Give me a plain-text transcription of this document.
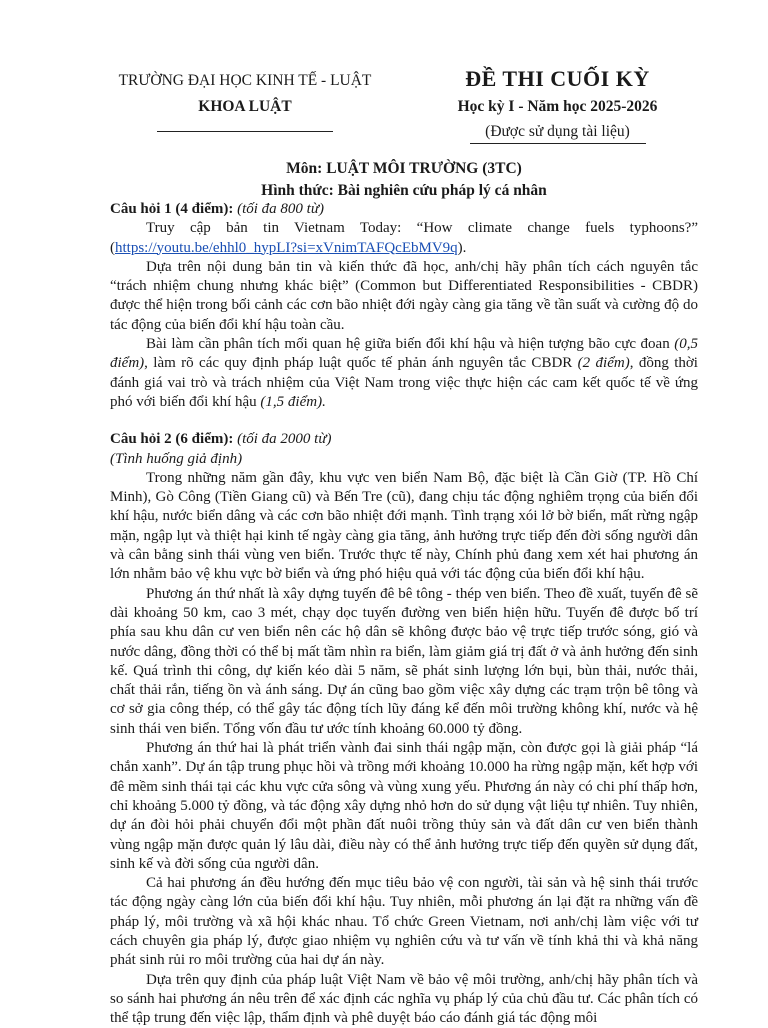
TRƯỜNG ĐẠI HỌC KINH TẾ - LUẬT
KHOA LUẬT
ĐỀ THI CUỐI KỲ
Học kỳ I - Năm học 2025-2026
(Được sử dụng tài liệu)
Môn: LUẬT MÔI TRƯỜNG (3TC)
Hình thức: Bài nghiên cứu pháp lý cá nhân

Câu hỏi 1 (4 điểm): (tối đa 800 từ)

Truy cập bản tin Vietnam Today: “How climate change fuels typhoons?” (https://youtu.be/ehhl0_hypLI?si=xVnimTAFQcEbMV9q).

Dựa trên nội dung bản tin và kiến thức đã học, anh/chị hãy phân tích cách nguyên tắc “trách nhiệm chung nhưng khác biệt” (Common but Differentiated Responsibilities - CBDR) được thể hiện trong bối cảnh các cơn bão nhiệt đới ngày càng gia tăng về tần suất và cường độ do tác động của biến đổi khí hậu toàn cầu.

Bài làm cần phân tích mối quan hệ giữa biến đổi khí hậu và hiện tượng bão cực đoan (0,5 điểm), làm rõ các quy định pháp luật quốc tế phản ánh nguyên tắc CBDR (2 điểm), đồng thời đánh giá vai trò và trách nhiệm của Việt Nam trong việc thực hiện các cam kết quốc tế về ứng phó với biến đổi khí hậu (1,5 điểm).

Câu hỏi 2 (6 điểm): (tối đa 2000 từ)

(Tình huống giả định)

Trong những năm gần đây, khu vực ven biển Nam Bộ, đặc biệt là Cần Giờ (TP. Hồ Chí Minh), Gò Công (Tiền Giang cũ) và Bến Tre (cũ), đang chịu tác động nghiêm trọng của biến đổi khí hậu, nước biển dâng và các cơn bão nhiệt đới mạnh. Tình trạng xói lở bờ biển, mất rừng ngập mặn, ngập lụt và thiệt hại kinh tế ngày càng gia tăng, ảnh hưởng trực tiếp đến đời sống người dân và cân bằng sinh thái vùng ven biển. Trước thực tế này, Chính phủ đang xem xét hai phương án lớn nhằm bảo vệ khu vực bờ biển và ứng phó hiệu quả với tác động của biến đổi khí hậu.

Phương án thứ nhất là xây dựng tuyến đê bê tông - thép ven biển. Theo đề xuất, tuyến đê sẽ dài khoảng 50 km, cao 3 mét, chạy dọc tuyến đường ven biển hiện hữu. Tuyến đê được bố trí phía sau khu dân cư ven biển nên các hộ dân sẽ không được bảo vệ trực tiếp trước sóng, gió và nước dâng, đồng thời có thể bị mất tầm nhìn ra biển, làm giảm giá trị đất ở và ảnh hưởng đến sinh kế. Quá trình thi công, dự kiến kéo dài 5 năm, sẽ phát sinh lượng lớn bụi, bùn thải, nước thải, chất thải rắn, tiếng ồn và ánh sáng. Dự án cũng bao gồm việc xây dựng các trạm trộn bê tông và cơ sở gia công thép, có thể gây tác động tích lũy đáng kể đến môi trường không khí, nước và hệ sinh thái ven biển. Tổng vốn đầu tư ước tính khoảng 60.000 tỷ đồng.

Phương án thứ hai là phát triển vành đai sinh thái ngập mặn, còn được gọi là giải pháp “lá chắn xanh”. Dự án tập trung phục hồi và trồng mới khoảng 10.000 ha rừng ngập mặn, kết hợp với đê mềm sinh thái tại các khu vực cửa sông và vùng xung yếu. Phương án này có chi phí thấp hơn, chỉ khoảng 5.000 tỷ đồng, và tác động xây dựng nhỏ hơn do sử dụng vật liệu tự nhiên. Tuy nhiên, dự án đòi hỏi phải chuyển đổi một phần đất nuôi trồng thủy sản và đất dân cư ven biển thành vùng ngập mặn được quản lý lâu dài, điều này có thể ảnh hưởng trực tiếp đến quyền sử dụng đất, sinh kế và đời sống của người dân.

Cả hai phương án đều hướng đến mục tiêu bảo vệ con người, tài sản và hệ sinh thái trước tác động ngày càng lớn của biến đổi khí hậu. Tuy nhiên, mỗi phương án lại đặt ra những vấn đề pháp lý, môi trường và xã hội khác nhau. Tổ chức Green Vietnam, nơi anh/chị làm việc với tư cách chuyên gia pháp lý, được giao nhiệm vụ nghiên cứu và tư vấn về tính khả thi và khả năng phát sinh rủi ro môi trường của hai dự án này.

Dựa trên quy định của pháp luật Việt Nam về bảo vệ môi trường, anh/chị hãy phân tích và so sánh hai phương án nêu trên để xác định các nghĩa vụ pháp lý của chủ đầu tư. Các phân tích có thể tập trung đến việc lập, thẩm định và phê duyệt báo cáo đánh giá tác động môi
